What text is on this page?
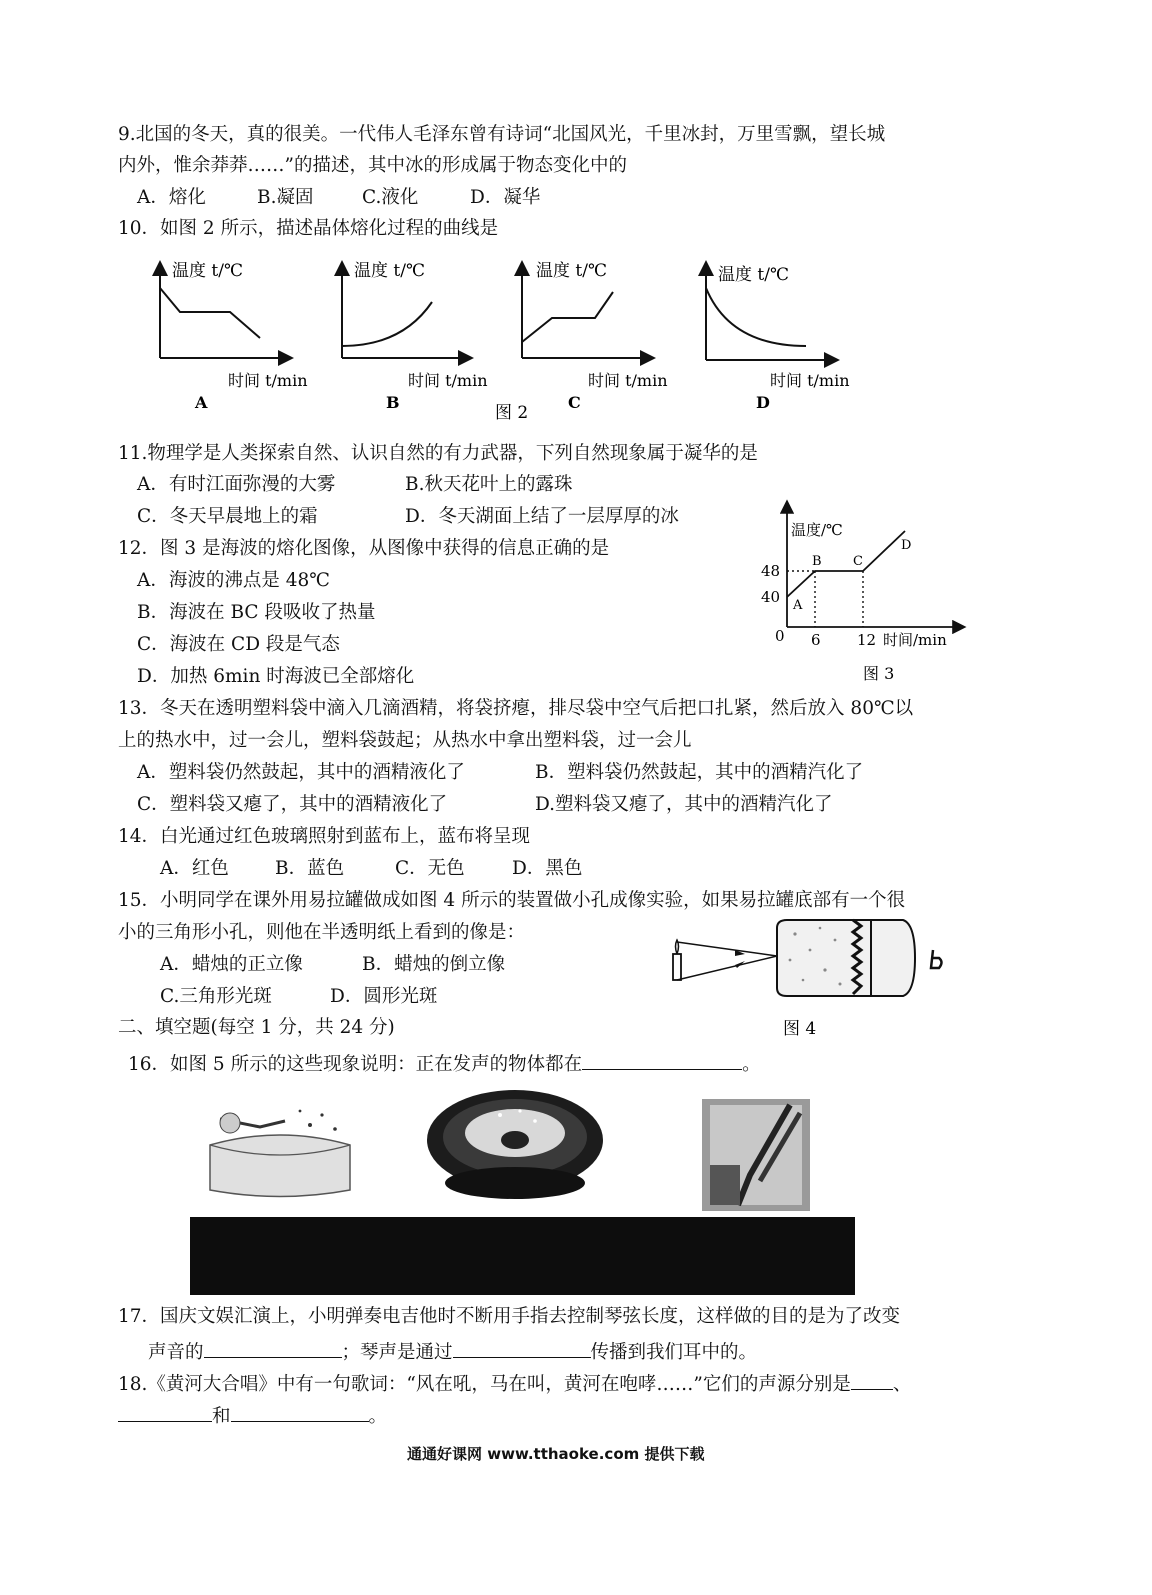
9.北国的冬天，真的很美。一代伟人毛泽东曾有诗词“北国风光，千里冰封，万里雪飘，望长城
内外，惟余莽莽……”的描述，其中冰的形成属于物态变化中的
A．熔化	B.凝固	C.液化	D．凝华
10．如图 2 所示，描述晶体熔化过程的曲线是
温度 t/℃
时间 t/min
A
温度 t/℃
时间 t/min
B
温度 t/℃
时间 t/min
C
温度 t/℃
时间 t/min
D
图 2
11.物理学是人类探索自然、认识自然的有力武器，下列自然现象属于凝华的是
A．有时江面弥漫的大雾	B.秋天花叶上的露珠
C．冬天早晨地上的霜	D．冬天湖面上结了一层厚厚的冰
12．图 3 是海波的熔化图像，从图像中获得的信息正确的是
A．海波的沸点是 48℃
B．海波在 BC 段吸收了热量
C．海波在 CD 段是气态
D．加热 6min 时海波已全部熔化
温度/℃
48
40
0 6 12 时间/min
A
B C
D
图 3
13．冬天在透明塑料袋中滴入几滴酒精，将袋挤瘪，排尽袋中空气后把口扎紧，然后放入 80℃以
上的热水中，过一会儿，塑料袋鼓起；从热水中拿出塑料袋，过一会儿
A．塑料袋仍然鼓起，其中的酒精液化了	B．塑料袋仍然鼓起，其中的酒精汽化了
C．塑料袋又瘪了，其中的酒精液化了	D.塑料袋又瘪了，其中的酒精汽化了
14．白光通过红色玻璃照射到蓝布上，蓝布将呈现
A．红色 B．蓝色	C．无色	D．黑色
15．小明同学在课外用易拉罐做成如图 4 所示的装置做小孔成像实验，如果易拉罐底部有一个很
小的三角形小孔，则他在半透明纸上看到的像是：
A．蜡烛的正立像	B．蜡烛的倒立像
C.三角形光斑	D．圆形光斑
图 4
二、填空题(每空 1 分，共 24 分)
16．如图 5 所示的这些现象说明：正在发声的物体都在	。
17．国庆文娱汇演上，小明弹奏电吉他时不断用手指去控制琴弦长度，这样做的目的是为了改变
声音的	；琴声是通过	传播到我们耳中的。
18.《黄河大合唱》中有一句歌词：“风在吼，马在叫，黄河在咆哮……”它们的声源分别是 、
和	。
通通好课网 www.tthaoke.com 提供下载
